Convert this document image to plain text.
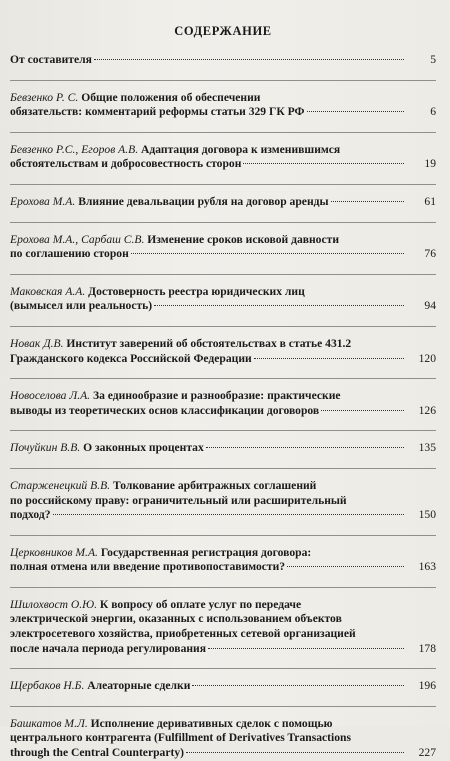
СОДЕРЖАНИЕ
От составителя	5
Бевзенко Р. С. Общие положения об обеспечении
обязательств: комментарий реформы статьи 329 ГК РФ	6
Бевзенко Р.С., Егоров А.В. Адаптация договора к изменившимся
обстоятельствам и добросовестность сторон	19
Ерохова М.А. Влияние девальвации рубля на договор аренды	61
Ерохова М.А., Сарбаш С.В. Изменение сроков исковой давности
по соглашению сторон	76
Маковская А.А. Достоверность реестра юридических лиц
(вымысел или реальность)	94
Новак Д.В. Институт заверений об обстоятельствах в статье 431.2
Гражданского кодекса Российской Федерации	120
Новоселова Л.А. За единообразие и разнообразие: практические
выводы из теоретических основ классификации договоров	126
Почуйкин В.В. О законных процентах	135
Старженецкий В.В. Толкование арбитражных соглашений
по российскому праву: ограничительный или расширительный
подход?	150
Церковников М.А. Государственная регистрация договора:
полная отмена или введение противопоставимости?	163
Шилохвост О.Ю. К вопросу об оплате услуг по передаче
электрической энергии, оказанных с использованием объектов
электросетевого хозяйства, приобретенных сетевой организацией
после начала периода регулирования	178
Щербаков Н.Б. Алеаторные сделки	196
Башкатов М.Л. Исполнение деривативных сделок с помощью
центрального контрагента (Fulfillment of Derivatives Transactions
through the Central Counterparty)	227
